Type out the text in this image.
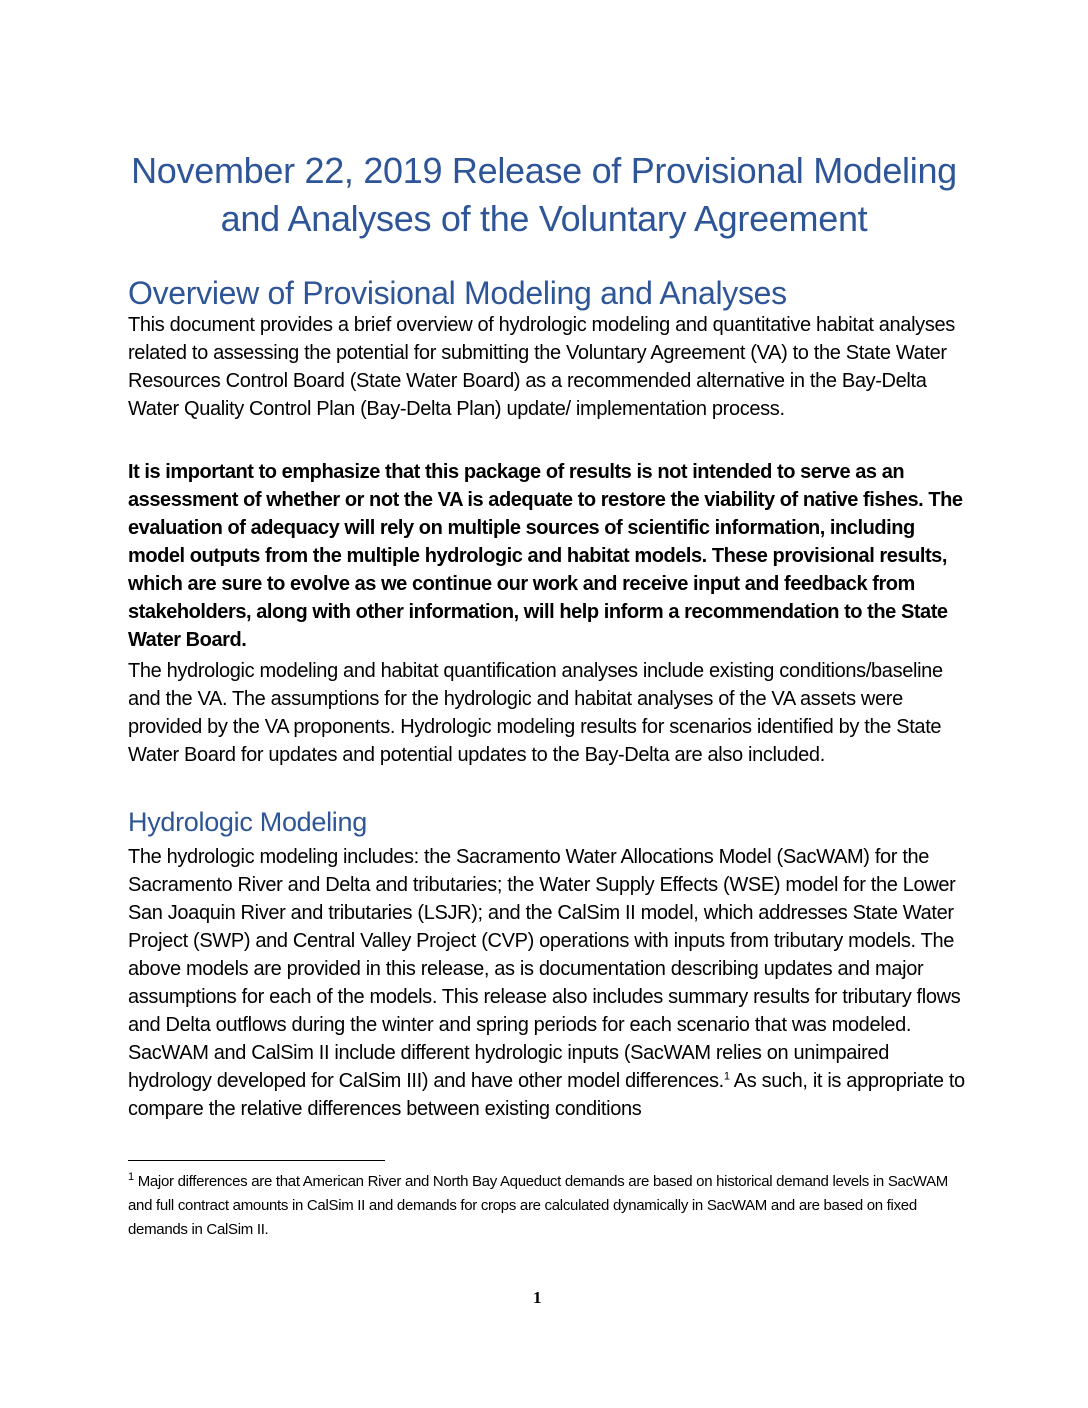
November 22, 2019 Release of Provisional Modeling
and Analyses of the Voluntary Agreement
Overview of Provisional Modeling and Analyses

This document provides a brief overview of hydrologic modeling and quantitative habitat analyses related to assessing the potential for submitting the Voluntary Agreement (VA) to the State Water Resources Control Board (State Water Board) as a recommended alternative in the Bay-Delta Water Quality Control Plan (Bay-Delta Plan) update/ implementation process.

It is important to emphasize that this package of results is not intended to serve as an assessment of whether or not the VA is adequate to restore the viability of native fishes. The evaluation of adequacy will rely on multiple sources of scientific information, including model outputs from the multiple hydrologic and habitat models. These provisional results, which are sure to evolve as we continue our work and receive input and feedback from stakeholders, along with other information, will help inform a recommendation to the State Water Board.

The hydrologic modeling and habitat quantification analyses include existing conditions/baseline and the VA. The assumptions for the hydrologic and habitat analyses of the VA assets were provided by the VA proponents. Hydrologic modeling results for scenarios identified by the State Water Board for updates and potential updates to the Bay-Delta are also included.

Hydrologic Modeling

The hydrologic modeling includes: the Sacramento Water Allocations Model (SacWAM) for the Sacramento River and Delta and tributaries; the Water Supply Effects (WSE) model for the Lower San Joaquin River and tributaries (LSJR); and the CalSim II model, which addresses State Water Project (SWP) and Central Valley Project (CVP) operations with inputs from tributary models. The above models are provided in this release, as is documentation describing updates and major assumptions for each of the models. This release also includes summary results for tributary flows and Delta outflows during the winter and spring periods for each scenario that was modeled. SacWAM and CalSim II include different hydrologic inputs (SacWAM relies on unimpaired hydrology developed for CalSim III) and have other model differences.$^1$ As such, it is appropriate to compare the relative differences between existing conditions

$^1$ Major differences are that American River and North Bay Aqueduct demands are based on historical demand levels in SacWAM and full contract amounts in CalSim II and demands for crops are calculated dynamically in SacWAM and are based on fixed demands in CalSim II.

1
